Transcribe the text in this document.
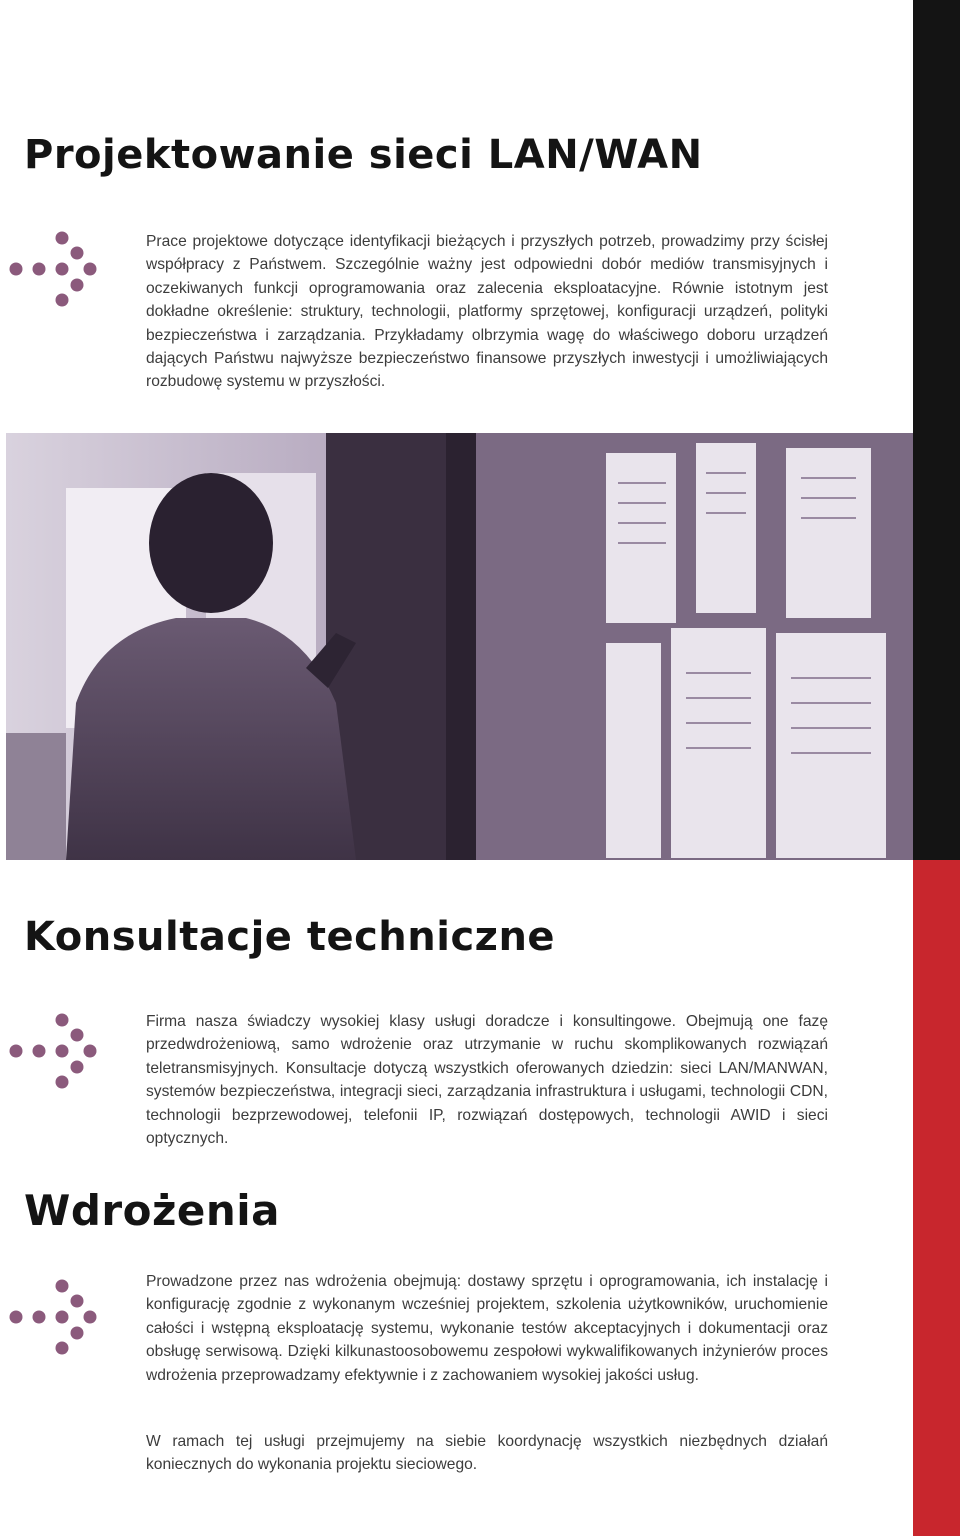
Projektowanie sieci LAN/WAN

Prace projektowe dotyczące identyfikacji bieżących i przyszłych potrzeb, prowadzimy przy ścisłej współpracy z Państwem. Szczególnie ważny jest odpowiedni dobór mediów transmisyjnych i oczekiwanych funkcji oprogramowania oraz zalecenia eksploatacyjne. Równie istotnym jest dokładne określenie: struktury, technologii, platformy sprzętowej, konfiguracji urządzeń, polityki bezpieczeństwa i zarządzania. Przykładamy olbrzymia wagę do właściwego doboru urządzeń dających Państwu najwyższe bezpieczeństwo finansowe przyszłych inwestycji i umożliwiających rozbudowę systemu w przyszłości.

Konsultacje techniczne

Firma nasza świadczy wysokiej klasy usługi doradcze i konsultingowe. Obejmują one fazę przedwdrożeniową, samo wdrożenie oraz utrzymanie w ruchu skomplikowanych rozwiązań teletransmisyjnych. Konsultacje dotyczą wszystkich oferowanych dziedzin: sieci LAN/MANWAN, systemów bezpieczeństwa, integracji sieci, zarządzania infrastruktura i usługami, technologii CDN, technologii bezprzewodowej, telefonii IP, rozwiązań dostępowych, technologii AWID i sieci optycznych.

Wdrożenia

Prowadzone przez nas wdrożenia obejmują: dostawy sprzętu i oprogramowania, ich instalację i konfigurację zgodnie z wykonanym wcześniej projektem, szkolenia użytkowników, uruchomienie całości i wstępną eksploatację systemu, wykonanie testów akceptacyjnych i dokumentacji oraz obsługę serwisową. Dzięki kilkunastoosobowemu zespołowi wykwalifikowanych inżynierów proces wdrożenia przeprowadzamy efektywnie i z zachowaniem wysokiej jakości usług.

W ramach tej usługi przejmujemy na siebie koordynację wszystkich niezbędnych działań koniecznych do wykonania projektu sieciowego.
